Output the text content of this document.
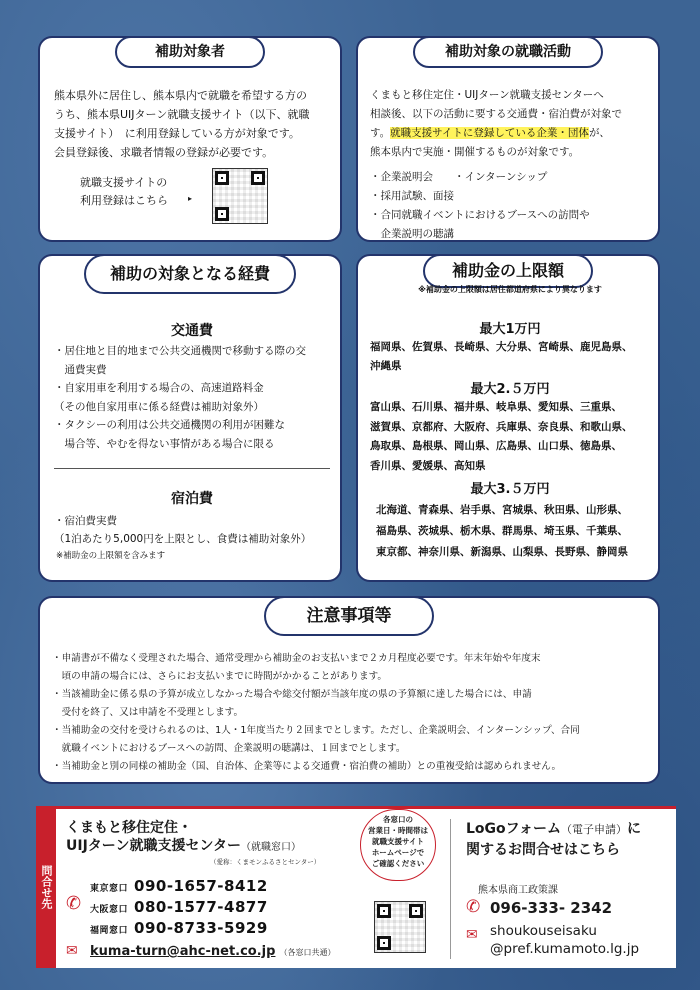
補助対象者
熊本県外に居住し、熊本県内で就職を希望する方の
うち、熊本県UIJターン就職支援サイト（以下、就職
支援サイト）　に利用登録している方が対象です。
会員登録後、求職者情報の登録が必要です。
就職支援サイトの
利用登録はこちら	▸
補助対象の就職活動
くまもと移住定住・UIJターン就職支援センターへ
相談後、以下の活動に要する交通費・宿泊費が対象で
す。就職支援サイトに登録している企業・団体が、
熊本県内で実施・開催するものが対象です。
・企業説明会　　・インターンシップ
・採用試験、面接
・合同就職イベントにおけるブースへの訪問や
　企業説明の聴講
補助の対象となる経費
交通費
・居住地と目的地まで公共交通機関で移動する際の交
　通費実費
・自家用車を利用する場合の、高速道路料金
（その他自家用車に係る経費は補助対象外）
・タクシーの利用は公共交通機関の利用が困難な
　場合等、やむを得ない事情がある場合に限る
宿泊費
・宿泊費実費
（1泊あたり5,000円を上限とし、食費は補助対象外）
※補助金の上限額を含みます
補助金の上限額
※補助金の上限額は居住都道府県により異なります
最大1万円
福岡県、佐賀県、長崎県、大分県、宮崎県、鹿児島県、
沖縄県
最大2.５万円
富山県、石川県、福井県、岐阜県、愛知県、三重県、
滋賀県、京都府、大阪府、兵庫県、奈良県、和歌山県、
鳥取県、島根県、岡山県、広島県、山口県、徳島県、
香川県、愛媛県、高知県
最大3.５万円
北海道、青森県、岩手県、宮城県、秋田県、山形県、
福島県、茨城県、栃木県、群馬県、埼玉県、千葉県、
東京都、神奈川県、新潟県、山梨県、長野県、静岡県
注意事項等
・申請書が不備なく受理された場合、通常受理から補助金のお支払いまで２カ月程度必要です。年末年始や年度末
　頃の申請の場合には、さらにお支払いまでに時間がかかることがあります。
・当該補助金に係る県の予算が成立しなかった場合や総交付額が当該年度の県の予算額に達した場合には、申請
　受付を終了、又は申請を不受理とします。
・当補助金の交付を受けられるのは、1人・1年度当たり２回までとします。ただし、企業説明会、インターンシップ、合同
　就職イベントにおけるブースへの訪問、企業説明の聴講は、１回までとします。
・当補助金と別の同様の補助金（国、自治体、企業等による交通費・宿泊費の補助）との重複受給は認められません。
問合せ先
くまもと移住定住・
UIJターン就職支援センター（就職窓口）
（愛称：くまモンふるさとセンター）
✆
東京窓口 090-1657-8412
大阪窓口 080-1577-4877
福岡窓口 090-8733-5929
✉ kuma-turn@ahc-net.co.jp （各窓口共通）
各窓口の
営業日・時間帯は
就職支援サイト
ホームページで
ご確認ください
LoGoフォーム（電子申請）に
関するお問合せはこちら
熊本県商工政策課
✆ 096-333- 2342
✉ shoukouseisaku
@pref.kumamoto.lg.jp
